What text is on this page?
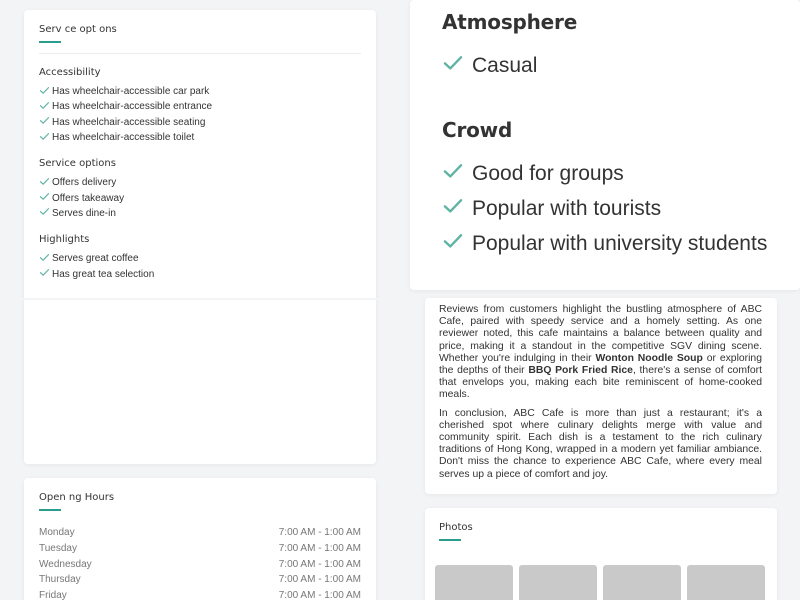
Serv ce opt ons
Accessibility
Has wheelchair-accessible car park
Has wheelchair-accessible entrance
Has wheelchair-accessible seating
Has wheelchair-accessible toilet
Service options
Offers delivery
Offers takeaway
Serves dine-in
Highlights
Serves great coffee
Has great tea selection
Open ng Hours
Monday	7:00 AM - 1:00 AM
Tuesday	7:00 AM - 1:00 AM
Wednesday	7:00 AM - 1:00 AM
Thursday	7:00 AM - 1:00 AM
Friday	7:00 AM - 1:00 AM
Atmosphere
Casual
Crowd
Good for groups
Popular with tourists
Popular with university students

Reviews from customers highlight the bustling atmosphere of ABC Cafe, paired with speedy service and a homely setting. As one reviewer noted, this cafe maintains a balance between quality and price, making it a standout in the competitive SGV dining scene. Whether you're indulging in their Wonton Noodle Soup or exploring the depths of their BBQ Pork Fried Rice, there's a sense of comfort that envelops you, making each bite reminiscent of home-cooked meals.

In conclusion, ABC Cafe is more than just a restaurant; it's a cherished spot where culinary delights merge with value and community spirit. Each dish is a testament to the rich culinary traditions of Hong Kong, wrapped in a modern yet familiar ambiance. Don't miss the chance to experience ABC Cafe, where every meal serves up a piece of comfort and joy.

Photos
